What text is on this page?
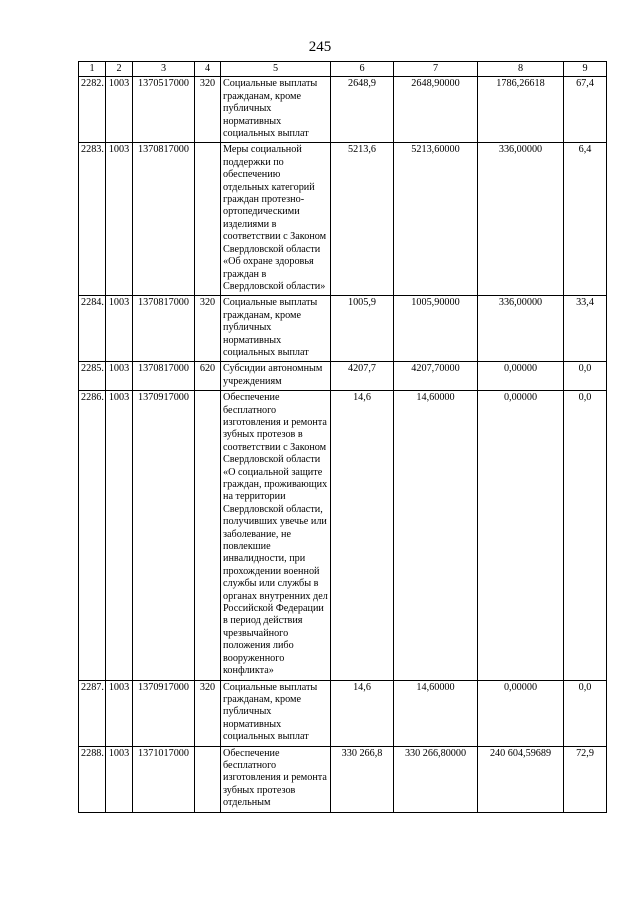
245
1	2	3	4	5	6	7	8	9
2282.	1003	1370517000	320	Социальные выплаты гражданам, кроме публичных нормативных социальных выплат	2648,9	2648,90000	1786,26618	67,4
2283.	1003	1370817000		Меры социальной поддержки по обеспечению отдельных категорий граждан протезно-ортопедическими изделиями в соответствии с Законом Свердловской области «Об охране здоровья граждан в Свердловской области»	5213,6	5213,60000	336,00000	6,4
2284.	1003	1370817000	320	Социальные выплаты гражданам, кроме публичных нормативных социальных выплат	1005,9	1005,90000	336,00000	33,4
2285.	1003	1370817000	620	Субсидии автономным учреждениям	4207,7	4207,70000	0,00000	0,0
2286.	1003	1370917000		Обеспечение бесплатного изготовления и ремонта зубных протезов в соответствии с Законом Свердловской области «О социальной защите граждан, проживающих на территории Свердловской области, получивших увечье или заболевание, не повлекшие инвалидности, при прохождении военной службы или службы в органах внутренних дел Российской Федерации в период действия чрезвычайного положения либо вооруженного конфликта»	14,6	14,60000	0,00000	0,0
2287.	1003	1370917000	320	Социальные выплаты гражданам, кроме публичных нормативных социальных выплат	14,6	14,60000	0,00000	0,0
2288.	1003	1371017000		Обеспечение бесплатного изготовления и ремонта зубных протезов отдельным	330 266,8	330 266,80000	240 604,59689	72,9
